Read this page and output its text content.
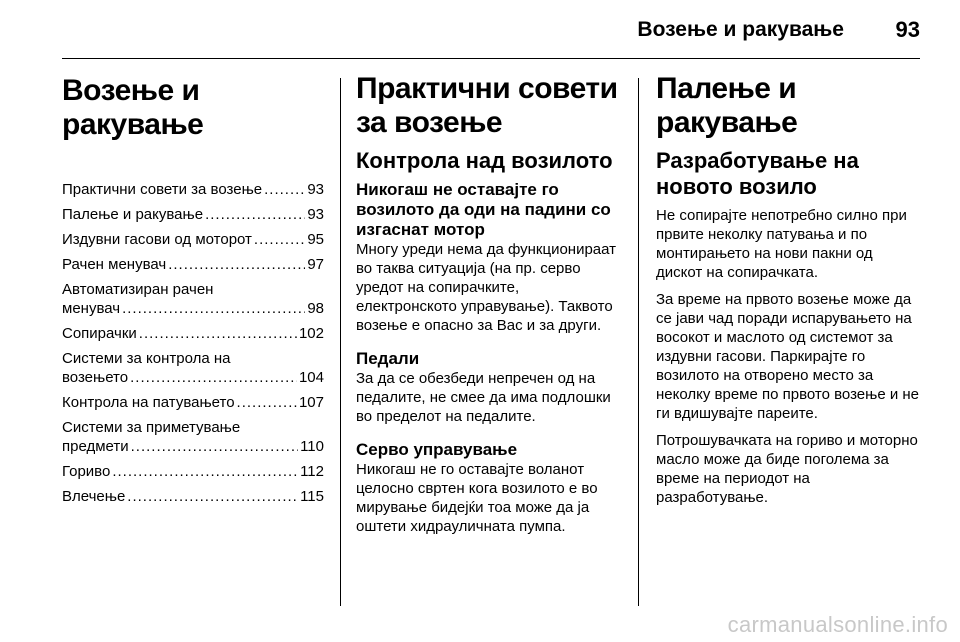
Возење и ракување 93
Возење и ракување
Практични совети за возење .....	93
Палење и ракување .....	93
Издувни гасови од моторот .....	95
Рачен менувач .....	97
Автоматизиран рачен
менувач .....	98
Сопирачки .....	102
Системи за контрола на
возењето .....	104
Контрола на патувањето .....	107
Системи за приметување
предмети .....	110
Гориво .....	112
Влечење .....	115
Практични совети за возење
Контрола над возилото
Никогаш не оставајте го возилото да оди на падини со изгаснат мотор

Многу уреди нема да функционираат во таква ситуација (на пр. серво уредот на сопирачките, електронското управување). Таквото возење е опасно за Вас и за други.

Педали

За да се обезбеди непречен од на педалите, не смее да има подлошки во пределот на педалите.

Серво управување

Никогаш не го оставајте воланот целосно свртен кога возилото е во мирување бидејќи тоа може да ја оштети хидрауличната пумпа.

Палење и ракување
Разработување на новото возило

Не сопирајте непотребно силно при првите неколку патувања и по монтирањето на нови пакни од дискот на сопирачката.

За време на првото возење може да се јави чад поради испарувањето на восокот и маслото од системот за издувни гасови. Паркирајте го возилото на отворено место за неколку време по првото возење и не ги вдишувајте пареите.

Потрошувачката на гориво и моторно масло може да биде поголема за време на периодот на разработување.

carmanualsonline.info
